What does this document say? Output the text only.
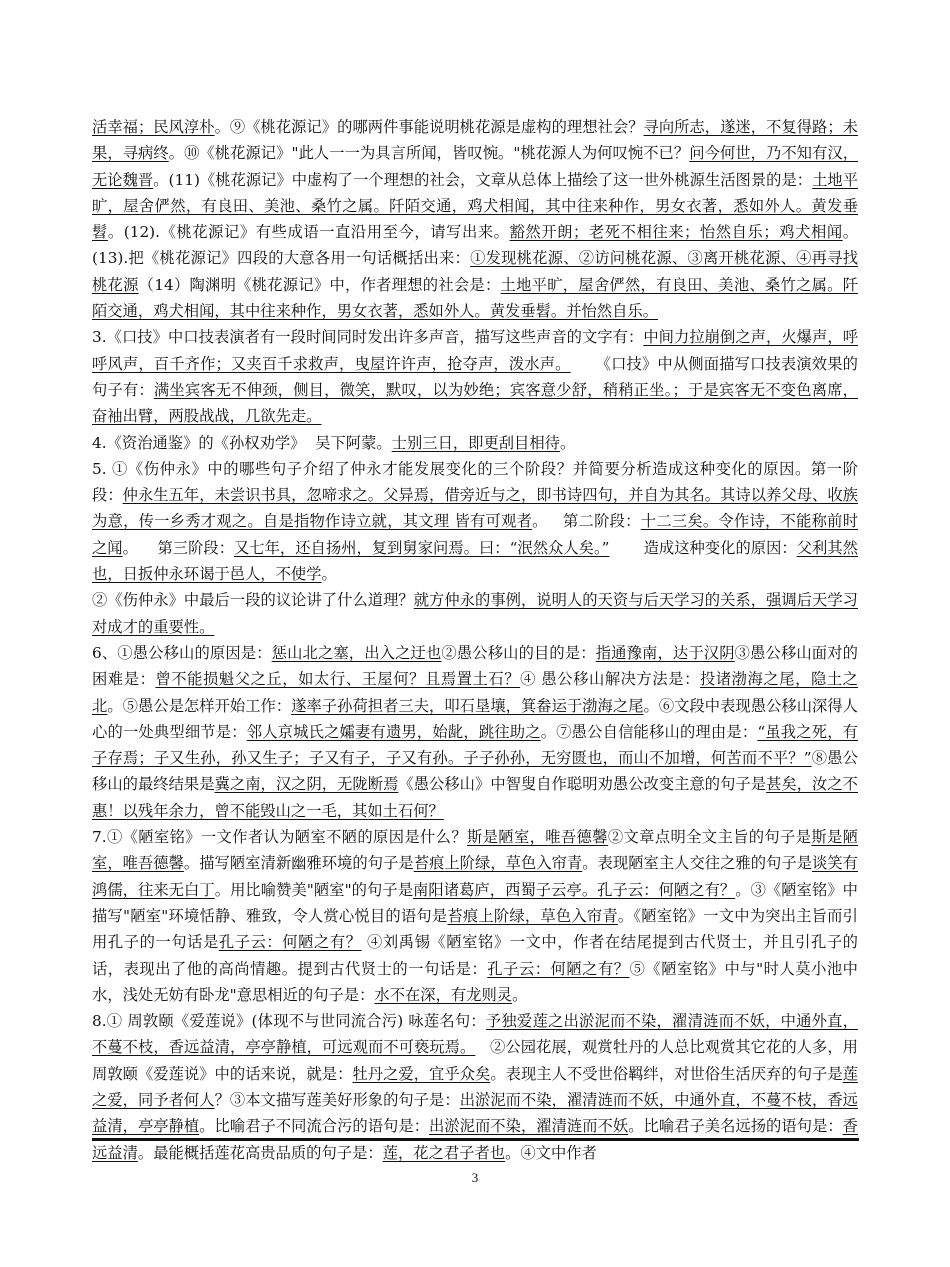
活幸福；民风淳朴。⑨《桃花源记》的哪两件事能说明桃花源是虚构的理想社会？寻向所志，遂迷，不复得路；未果，寻病终。⑩《桃花源记》"此人一一为具言所闻，皆叹惋。"桃花源人为何叹惋不已？问今何世，乃不知有汉，无论魏晋。(11)《桃花源记》中虚构了一个理想的社会，文章从总体上描绘了这一世外桃源生活图景的是：土地平旷，屋舍俨然，有良田、美池、桑竹之属。阡陌交通，鸡犬相闻，其中往来种作，男女衣著，悉如外人。黄发垂髫。(12).《桃花源记》有些成语一直沿用至今，请写出来。豁然开朗；老死不相往来；怡然自乐；鸡犬相闻。(13).把《桃花源记》四段的大意各用一句话概括出来：①发现桃花源、②访问桃花源、③离开桃花源、④再寻找桃花源（14）陶渊明《桃花源记》中，作者理想的社会是：土地平旷，屋舍俨然，有良田、美池、桑竹之属。阡陌交通，鸡犬相闻，其中往来种作，男女衣著，悉如外人。黄发垂髫。并怡然自乐。

3.《口技》中口技表演者有一段时间同时发出许多声音，描写这些声音的文字有：中间力拉崩倒之声，火爆声，呼呼风声，百千齐作；又夹百千求救声，曳屋许许声，抢夺声，泼水声。     《口技》中从侧面描写口技表演效果的句子有：满坐宾客无不伸颈，侧目，微笑，默叹，以为妙绝；宾客意少舒，稍稍正坐。；于是宾客无不变色离席，奋袖出臂，两股战战，几欲先走。

4.《资治通鉴》的《孙权劝学》  吴下阿蒙。士别三日，即更刮目相待。

5. ①《伤仲永》中的哪些句子介绍了仲永才能发展变化的三个阶段？并简要分析造成这种变化的原因。第一阶段：仲永生五年，未尝识书具，忽啼求之。父异焉，借旁近与之，即书诗四句，并自为其名。其诗以养父母、收族为意，传一乡秀才观之。自是指物作诗立就，其文理 皆有可观者。   第二阶段：十二三矣。令作诗，不能称前时之闻。    第三阶段：又七年，还自扬州，复到舅家问焉。曰：“泯然众人矣。”       造成这种变化的原因：父利其然也，日扳仲永环谒于邑人，不使学。

②《伤仲永》中最后一段的议论讲了什么道理？就方仲永的事例，说明人的天资与后天学习的关系，强调后天学习对成才的重要性。

6、①愚公移山的原因是：惩山北之塞，出入之迂也②愚公移山的目的是：指通豫南，达于汉阴③愚公移山面对的困难是：曾不能损魁父之丘，如太行、王屋何？且焉置土石？④ 愚公移山解决方法是：投诸渤海之尾，隐土之北。⑤愚公是怎样开始工作：遂率子孙荷担者三夫，叩石垦壤，箕畚运于渤海之尾。⑥文段中表现愚公移山深得人心的一处典型细节是：邻人京城氏之孀妻有遗男，始龀，跳往助之。⑦愚公自信能移山的理由是：“虽我之死，有子存焉；子又生孙，孙又生子；子又有子，子又有孙。子子孙孙，无穷匮也，而山不加增，何苦而不平？”⑧愚公移山的最终结果是冀之南，汉之阴，无陇断焉《愚公移山》中智叟自作聪明劝愚公改变主意的句子是甚矣，汝之不惠！以残年余力，曾不能毁山之一毛，其如土石何？

7.①《陋室铭》一文作者认为陋室不陋的原因是什么？斯是陋室，唯吾德馨②文章点明全文主旨的句子是斯是陋室，唯吾德馨。描写陋室清新幽雅环境的句子是苔痕上阶绿，草色入帘青。表现陋室主人交往之雅的句子是谈笑有鸿儒，往来无白丁。用比喻赞美"陋室"的句子是南阳诸葛庐，西蜀子云亭。孔子云：何陋之有？。③《陋室铭》中描写"陋室"环境恬静、雅致，令人赏心悦目的语句是苔痕上阶绿，草色入帘青。《陋室铭》一文中为突出主旨而引用孔子的一句话是孔子云：何陋之有？ ④刘禹锡《陋室铭》一文中，作者在结尾提到古代贤士，并且引孔子的话，表现出了他的高尚情趣。提到古代贤士的一句话是：孔子云：何陋之有？⑤《陋室铭》中与"时人莫小池中水，浅处无妨有卧龙"意思相近的句子是：水不在深，有龙则灵。

8.① 周敦颐《爱莲说》(体现不与世同流合污) 咏莲名句：予独爱莲之出淤泥而不染，濯清涟而不妖，中通外直，不蔓不枝，香远益清，亭亭静植，可远观而不可亵玩焉。   ②公园花展，观赏牡丹的人总比观赏其它花的人多，用周敦颐《爱莲说》中的话来说，就是：牡丹之爱，宜乎众矣。表现主人不受世俗羁绊，对世俗生活厌弃的句子是莲之爱，同予者何人？③本文描写莲美好形象的句子是：出淤泥而不染，濯清涟而不妖，中通外直，不蔓不枝，香远益清，亭亭静植。比喻君子不同流合污的语句是：出淤泥而不染，濯清涟而不妖。比喻君子美名远扬的语句是：香远益清。最能概括莲花高贵品质的句子是：莲，花之君子者也。④文中作者

3
